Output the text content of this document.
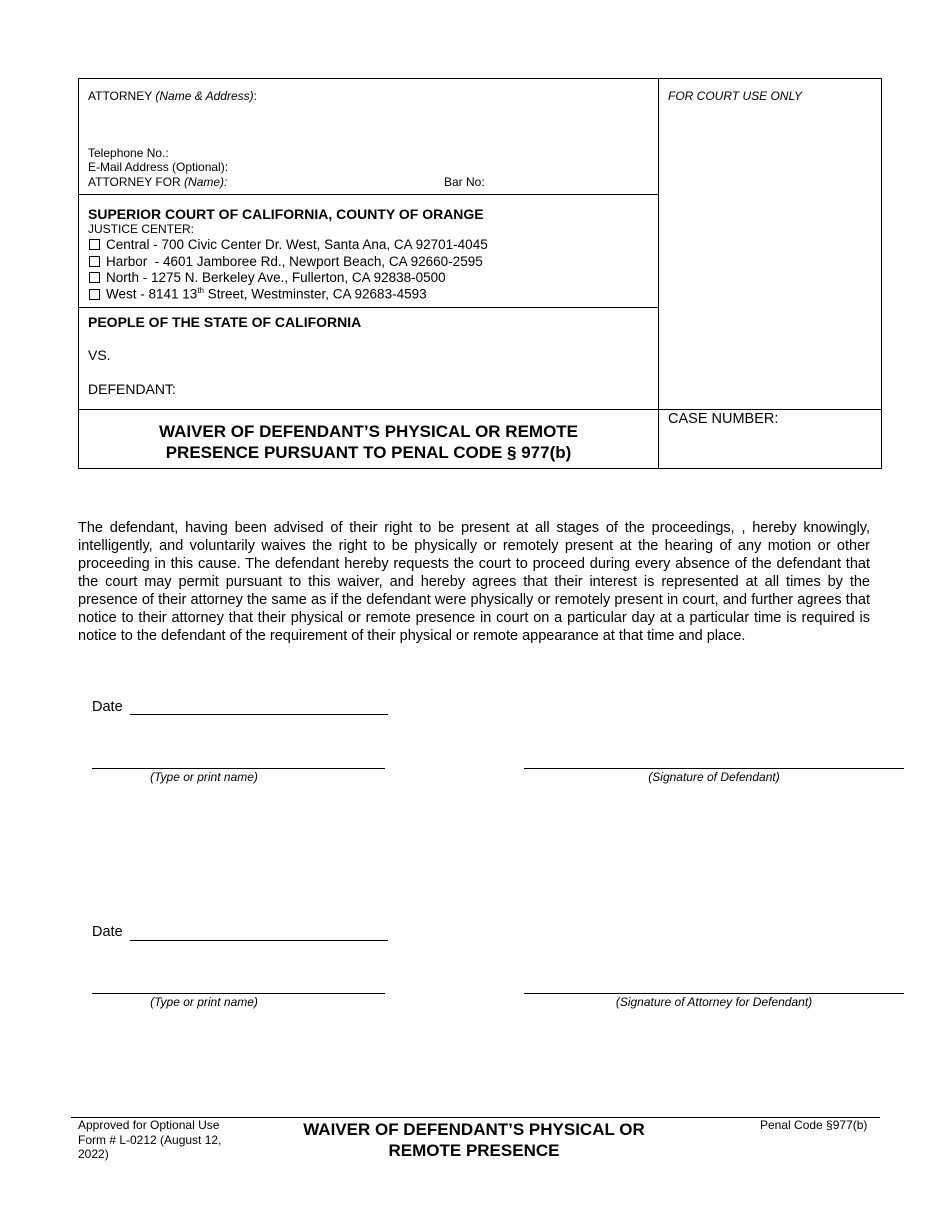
ATTORNEY (Name & Address):
Telephone No.:
E-Mail Address (Optional):
ATTORNEY FOR (Name):	Bar No:
FOR COURT USE ONLY
SUPERIOR COURT OF CALIFORNIA, COUNTY OF ORANGE
JUSTICE CENTER:
Central - 700 Civic Center Dr. West, Santa Ana, CA 92701-4045
Harbor  - 4601 Jamboree Rd., Newport Beach, CA 92660-2595
North - 1275 N. Berkeley Ave., Fullerton, CA 92838-0500
West - 8141 13th Street, Westminster, CA 92683-4593
PEOPLE OF THE STATE OF CALIFORNIA
VS.
DEFENDANT:
WAIVER OF DEFENDANT’S PHYSICAL OR REMOTE
PRESENCE PURSUANT TO PENAL CODE § 977(b)
CASE NUMBER:
The defendant, having been advised of their right to be present at all stages of the proceedings, , hereby knowingly, intelligently, and voluntarily waives the right to be physically or remotely present at the hearing of any motion or other proceeding in this cause. The defendant hereby requests the court to proceed during every absence of the defendant that the court may permit pursuant to this waiver, and hereby agrees that their interest is represented at all times by the presence of their attorney the same as if the defendant were physically or remotely present in court, and further agrees that notice to their attorney that their physical or remote presence in court on a particular day at a particular time is required is notice to the defendant of the requirement of their physical or remote appearance at that time and place.
Date
(Type or print name)	(Signature of Defendant)
Date
(Type or print name)	(Signature of Attorney for Defendant)
Approved for Optional Use
Form # L-0212 (August 12,
2022)
WAIVER OF DEFENDANT’S PHYSICAL OR
REMOTE PRESENCE
Penal Code §977(b)
